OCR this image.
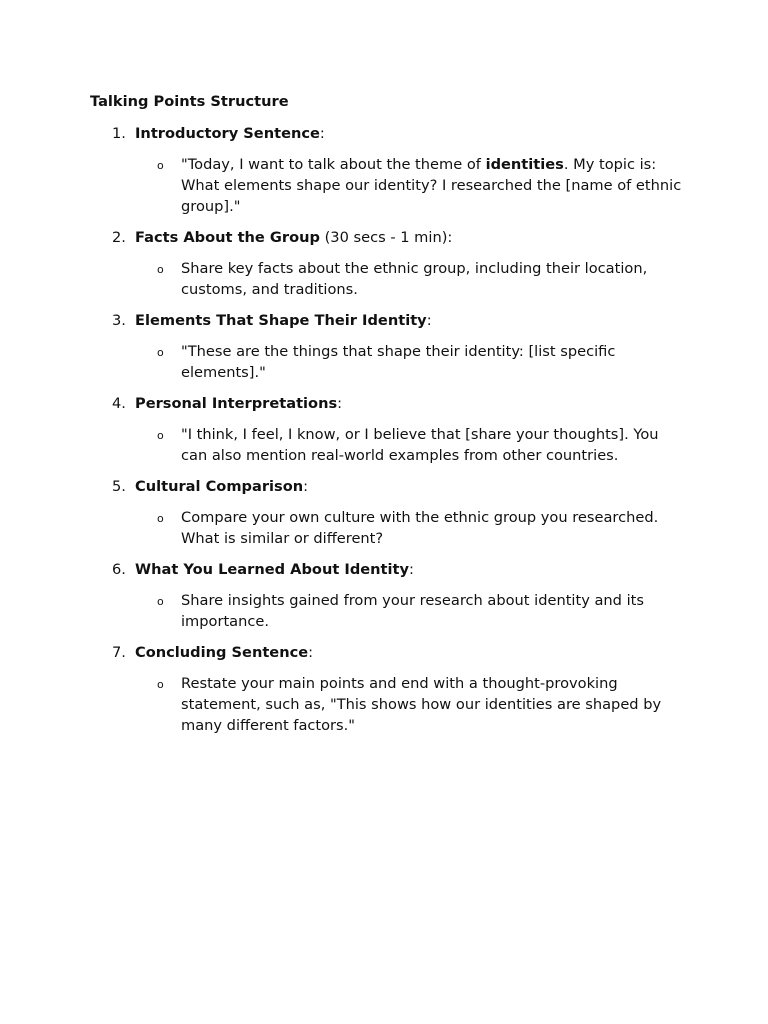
Talking Points Structure
1. Introductory Sentence:
o "Today, I want to talk about the theme of identities. My topic is: What elements shape our identity? I researched the [name of ethnic group]."
2. Facts About the Group (30 secs - 1 min):
o Share key facts about the ethnic group, including their location, customs, and traditions.
3. Elements That Shape Their Identity:
o "These are the things that shape their identity: [list specific elements]."
4. Personal Interpretations:
o "I think, I feel, I know, or I believe that [share your thoughts]. You can also mention real-world examples from other countries.
5. Cultural Comparison:
o Compare your own culture with the ethnic group you researched. What is similar or different?
6. What You Learned About Identity:
o Share insights gained from your research about identity and its importance.
7. Concluding Sentence:
o Restate your main points and end with a thought-provoking statement, such as, "This shows how our identities are shaped by many different factors."
